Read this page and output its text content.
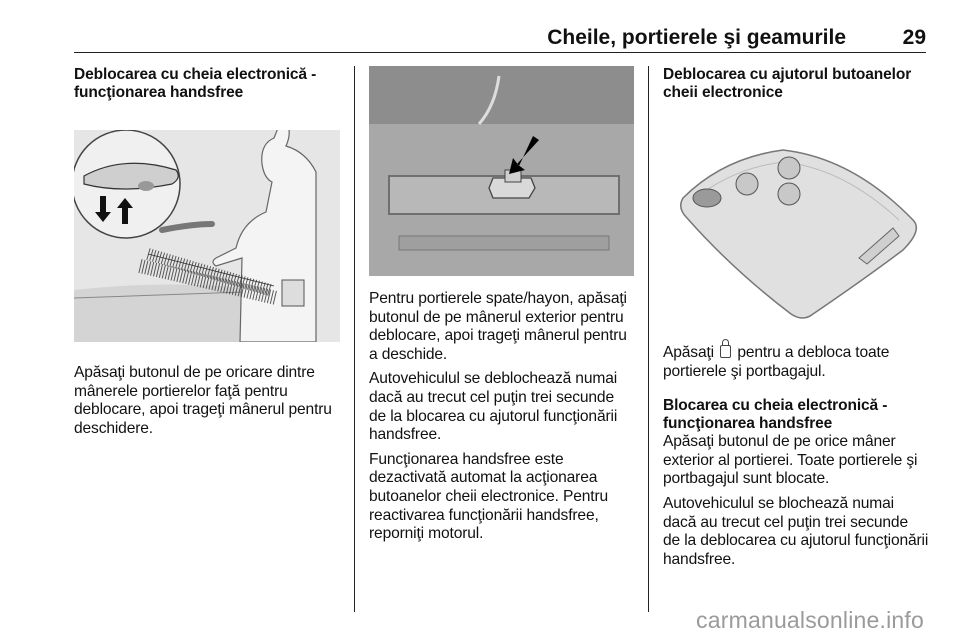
Cheile, portierele şi geamurile	29
Deblocarea cu cheia electronică - funcţionarea handsfree

Apăsaţi butonul de pe oricare dintre mânerele portierelor faţă pentru deblocare, apoi trageţi mânerul pentru deschidere.

Pentru portierele spate/hayon, apăsaţi butonul de pe mânerul exterior pentru deblocare, apoi trageţi mânerul pentru a deschide.

Autovehiculul se deblochează numai dacă au trecut cel puţin trei secunde de la blocarea cu ajutorul funcţionării handsfree.

Funcţionarea handsfree este dezactivată automat la acţionarea butoanelor cheii electronice. Pentru reactivarea funcţionării handsfree, reporniţi motorul.

Deblocarea cu ajutorul butoanelor cheii electronice

Apăsaţi pentru a debloca toate portierele şi portbagajul.

Blocarea cu cheia electronică - funcţionarea handsfree

Apăsaţi butonul de pe orice mâner exterior al portierei. Toate portierele şi portbagajul sunt blocate.

Autovehiculul se blochează numai dacă au trecut cel puţin trei secunde de la deblocarea cu ajutorul funcţionării handsfree.

carmanualsonline.info
